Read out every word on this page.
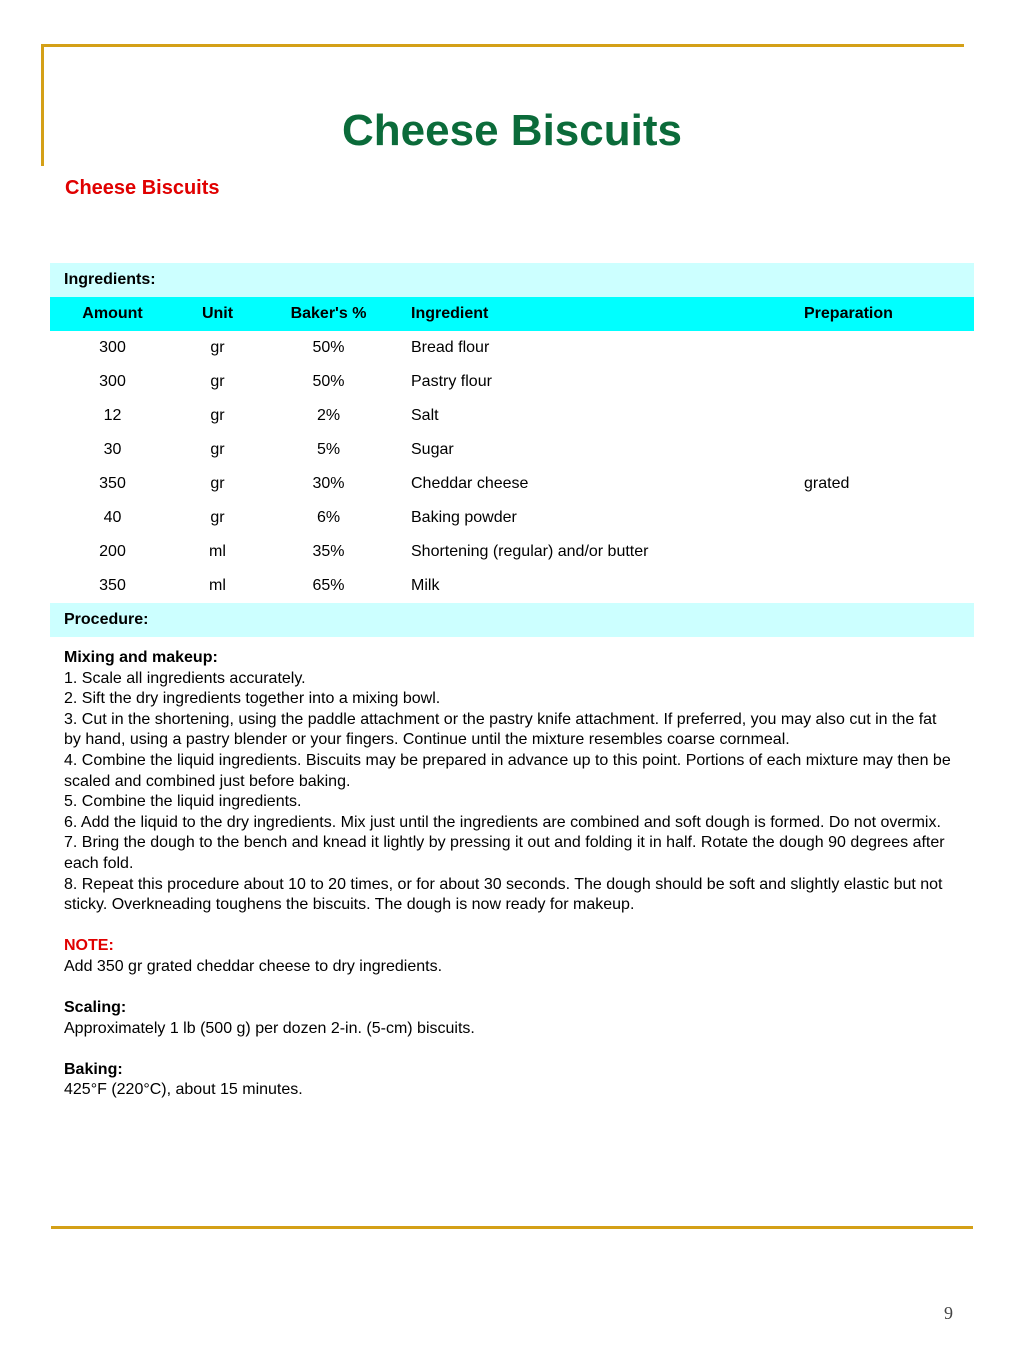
Cheese Biscuits
Cheese Biscuits
Ingredients:				
Amount	Unit	Baker's %	Ingredient	Preparation
300	gr	50%	Bread flour	
300	gr	50%	Pastry flour	
12	gr	2%	Salt	
30	gr	5%	Sugar	
350	gr	30%	Cheddar cheese	grated
40	gr	6%	Baking powder	
200	ml	35%	Shortening (regular) and/or butter	
350	ml	65%	Milk	
Procedure:				

Mixing and makeup:

1. Scale all ingredients accurately.

2. Sift the dry ingredients together into a mixing bowl.

3. Cut in the shortening, using the paddle attachment or the pastry knife attachment. If preferred, you may also cut in the fat by hand, using a pastry blender or your fingers. Continue until the mixture resembles coarse cornmeal.

4. Combine the liquid ingredients. Biscuits may be prepared in advance up to this point. Portions of each mixture may then be scaled and combined just before baking.

5. Combine the liquid ingredients.

6. Add the liquid to the dry ingredients. Mix just until the ingredients are combined and soft dough is formed. Do not overmix.

7. Bring the dough to the bench and knead it lightly by pressing it out and folding it in half. Rotate the dough 90 degrees after each fold.

8. Repeat this procedure about 10 to 20 times, or for about 30 seconds. The dough should be soft and slightly elastic but not sticky. Overkneading toughens the biscuits. The dough is now ready for makeup.

NOTE:

Add 350 gr grated cheddar cheese to dry ingredients.

Scaling:

Approximately 1 lb (500 g) per dozen 2-in. (5-cm) biscuits.

Baking:

425°F (220°C), about 15 minutes.

9
